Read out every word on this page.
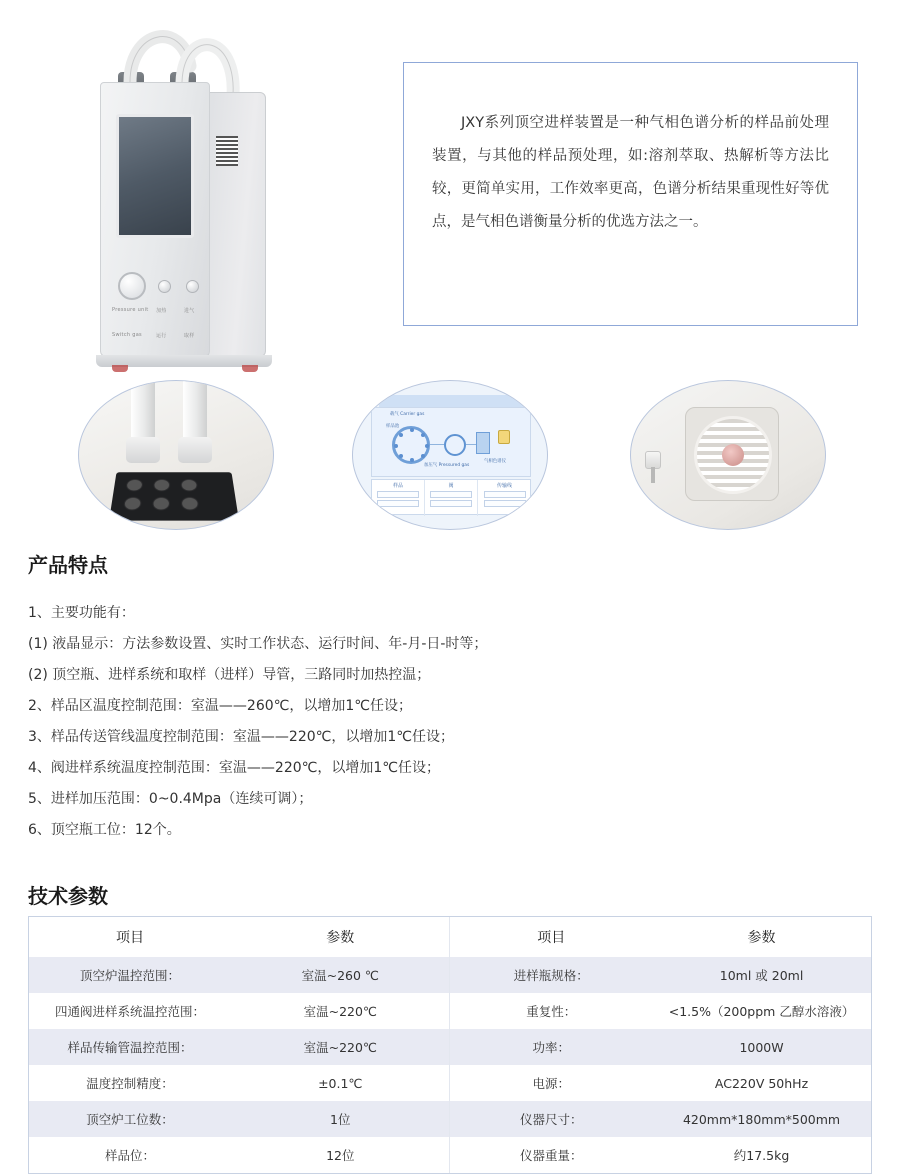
Pressure unit
Switch gas
加热	进气
运行	取样
JXY系列顶空进样装置是一种气相色谱分析的样品前处理装置，与其他的样品预处理，如:溶剂萃取、热解析等方法比较，更简单实用，工作效率更高，色谱分析结果重现性好等优点，是气相色谱衡量分析的优选方法之一。
载气 Carrier gas
样品池
加压气 Pressured gas
气相色谱仪
样品	阀	传输线
产品特点
1、主要功能有：
(1) 液晶显示：方法参数设置、实时工作状态、运行时间、年-月-日-时等；
(2) 顶空瓶、进样系统和取样（进样）导管，三路同时加热控温；
2、样品区温度控制范围：室温——260℃，以增加1℃任设；
3、样品传送管线温度控制范围：室温——220℃，以增加1℃任设；
4、阀进样系统温度控制范围：室温——220℃，以增加1℃任设；
5、进样加压范围：0~0.4Mpa（连续可调）；
6、顶空瓶工位：12个。
技术参数
项目	参数	项目	参数
顶空炉温控范围：	室温~260 ℃	进样瓶规格：	10ml 或 20ml
四通阀进样系统温控范围：	室温~220℃	重复性：	<1.5%（200ppm 乙醇水溶液）
样品传输管温控范围：	室温~220℃	功率：	1000W
温度控制精度：	±0.1℃	电源：	AC220V 50hHz
顶空炉工位数：	1位	仪器尺寸：	420mm*180mm*500mm
样品位：	12位	仪器重量：	约17.5kg
